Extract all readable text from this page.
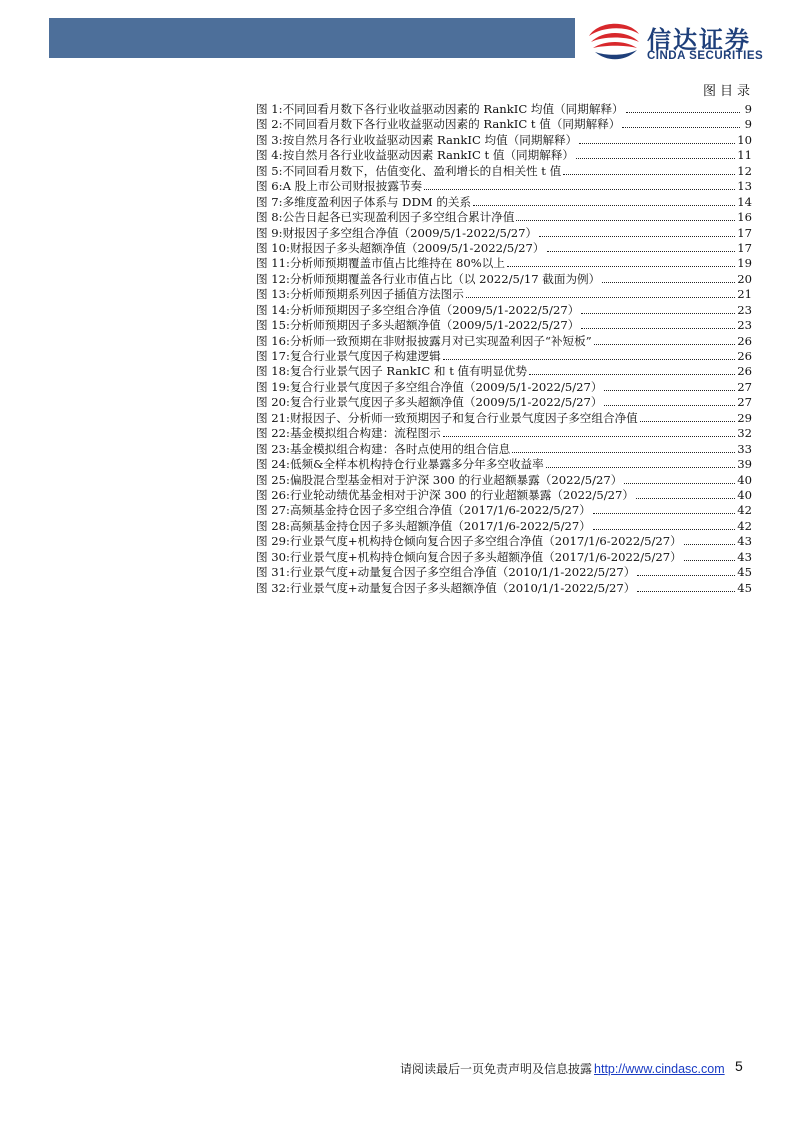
信达证券
CINDA SECURITIES
图目录
图 1: 不同回看月数下各行业收益驱动因素的 RankIC 均值（同期解释）	9
图 2: 不同回看月数下各行业收益驱动因素的 RankIC t 值（同期解释）	9
图 3: 按自然月各行业收益驱动因素 RankIC 均值（同期解释）	10
图 4: 按自然月各行业收益驱动因素 RankIC t 值（同期解释）	11
图 5: 不同回看月数下，估值变化、盈利增长的自相关性 t 值	12
图 6: A 股上市公司财报披露节奏	13
图 7: 多维度盈利因子体系与 DDM 的关系	14
图 8: 公告日起各已实现盈利因子多空组合累计净值	16
图 9: 财报因子多空组合净值（2009/5/1-2022/5/27）	17
图 10: 财报因子多头超额净值（2009/5/1-2022/5/27）	17
图 11: 分析师预期覆盖市值占比维持在 80%以上	19
图 12: 分析师预期覆盖各行业市值占比（以 2022/5/17 截面为例）	20
图 13: 分析师预期系列因子插值方法图示	21
图 14: 分析师预期因子多空组合净值（2009/5/1-2022/5/27）	23
图 15: 分析师预期因子多头超额净值（2009/5/1-2022/5/27）	23
图 16: 分析师一致预期在非财报披露月对已实现盈利因子“补短板”	26
图 17: 复合行业景气度因子构建逻辑	26
图 18: 复合行业景气因子 RankIC 和 t 值有明显优势	26
图 19: 复合行业景气度因子多空组合净值（2009/5/1-2022/5/27）	27
图 20: 复合行业景气度因子多头超额净值（2009/5/1-2022/5/27）	27
图 21: 财报因子、分析师一致预期因子和复合行业景气度因子多空组合净值	29
图 22: 基金模拟组合构建：流程图示	32
图 23: 基金模拟组合构建：各时点使用的组合信息	33
图 24: 低频&全样本机构持仓行业暴露多分年多空收益率	39
图 25: 偏股混合型基金相对于沪深 300 的行业超额暴露（2022/5/27）	40
图 26: 行业轮动绩优基金相对于沪深 300 的行业超额暴露（2022/5/27）	40
图 27: 高频基金持仓因子多空组合净值（2017/1/6-2022/5/27）	42
图 28: 高频基金持仓因子多头超额净值（2017/1/6-2022/5/27）	42
图 29: 行业景气度+机构持仓倾向复合因子多空组合净值（2017/1/6-2022/5/27）	43
图 30: 行业景气度+机构持仓倾向复合因子多头超额净值（2017/1/6-2022/5/27）	43
图 31: 行业景气度+动量复合因子多空组合净值（2010/1/1-2022/5/27）	45
图 32: 行业景气度+动量复合因子多头超额净值（2010/1/1-2022/5/27）	45
请阅读最后一页免责声明及信息披露 http://www.cindasc.com 5
